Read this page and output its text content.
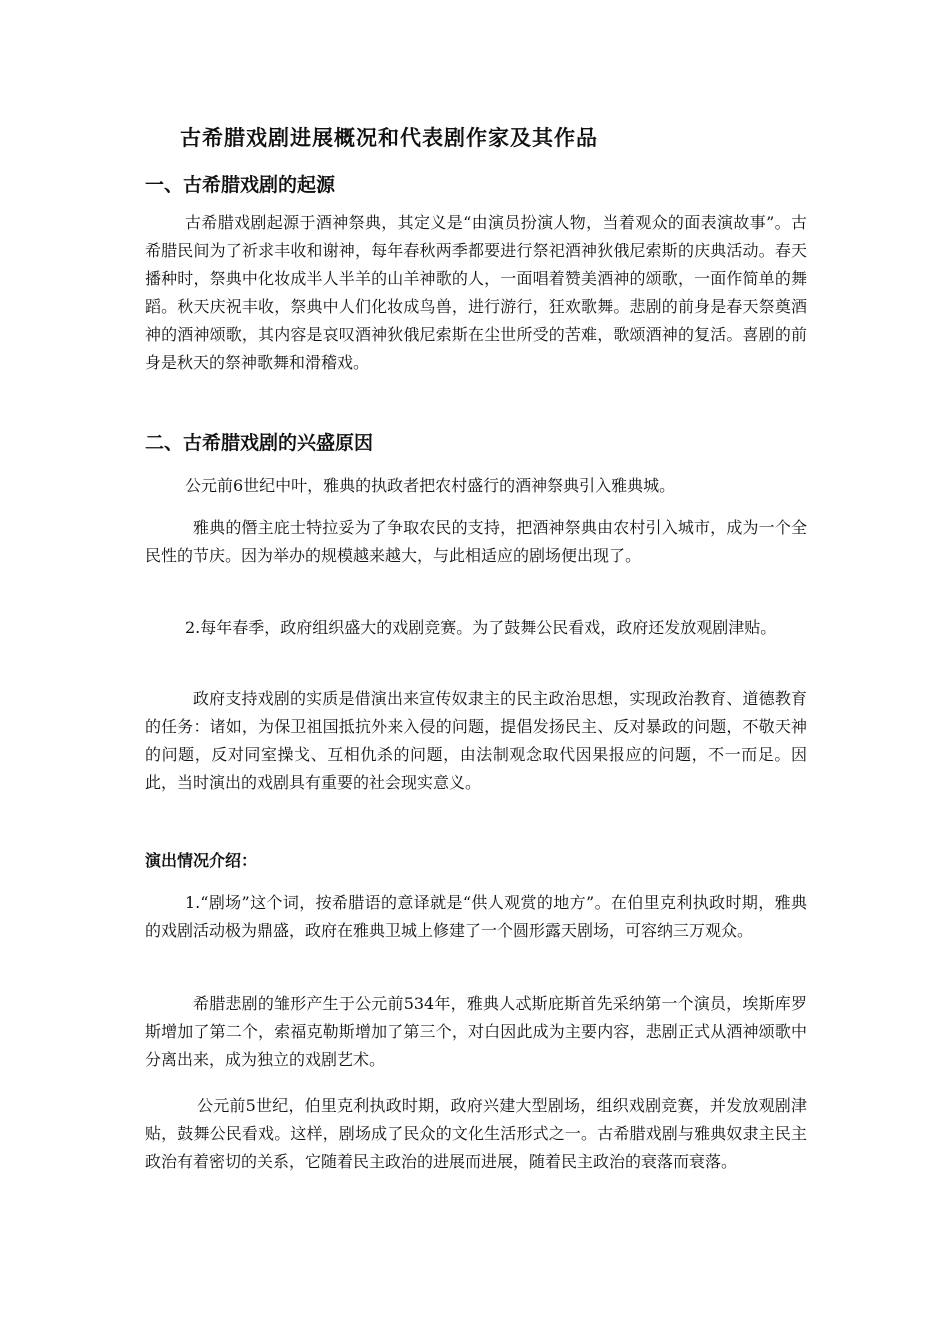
古希腊戏剧进展概况和代表剧作家及其作品
一、古希腊戏剧的起源
古希腊戏剧起源于酒神祭典，其定义是“由演员扮演人物，当着观众的面表演故事”。古希腊民间为了祈求丰收和谢神，每年春秋两季都要进行祭祀酒神狄俄尼索斯的庆典活动。春天播种时，祭典中化妆成半人半羊的山羊神歌的人，一面唱着赞美酒神的颂歌，一面作简单的舞蹈。秋天庆祝丰收，祭典中人们化妆成鸟兽，进行游行，狂欢歌舞。悲剧的前身是春天祭奠酒神的酒神颂歌，其内容是哀叹酒神狄俄尼索斯在尘世所受的苦难，歌颂酒神的复活。喜剧的前身是秋天的祭神歌舞和滑稽戏。
二、古希腊戏剧的兴盛原因
公元前6世纪中叶，雅典的执政者把农村盛行的酒神祭典引入雅典城。
雅典的僭主庇士特拉妥为了争取农民的支持，把酒神祭典由农村引入城市，成为一个全民性的节庆。因为举办的规模越来越大，与此相适应的剧场便出现了。
2.每年春季，政府组织盛大的戏剧竞赛。为了鼓舞公民看戏，政府还发放观剧津贴。
政府支持戏剧的实质是借演出来宣传奴隶主的民主政治思想，实现政治教育、道德教育的任务：诸如，为保卫祖国抵抗外来入侵的问题，提倡发扬民主、反对暴政的问题，不敬天神的问题，反对同室操戈、互相仇杀的问题，由法制观念取代因果报应的问题，不一而足。因此，当时演出的戏剧具有重要的社会现实意义。
演出情况介绍：
1.“剧场”这个词，按希腊语的意译就是“供人观赏的地方”。在伯里克利执政时期，雅典的戏剧活动极为鼎盛，政府在雅典卫城上修建了一个圆形露天剧场，可容纳三万观众。
希腊悲剧的雏形产生于公元前534年，雅典人忒斯庇斯首先采纳第一个演员，埃斯库罗斯增加了第二个，索福克勒斯增加了第三个，对白因此成为主要内容，悲剧正式从酒神颂歌中分离出来，成为独立的戏剧艺术。
公元前5世纪，伯里克利执政时期，政府兴建大型剧场，组织戏剧竞赛，并发放观剧津贴，鼓舞公民看戏。这样，剧场成了民众的文化生活形式之一。古希腊戏剧与雅典奴隶主民主政治有着密切的关系，它随着民主政治的进展而进展，随着民主政治的衰落而衰落。
